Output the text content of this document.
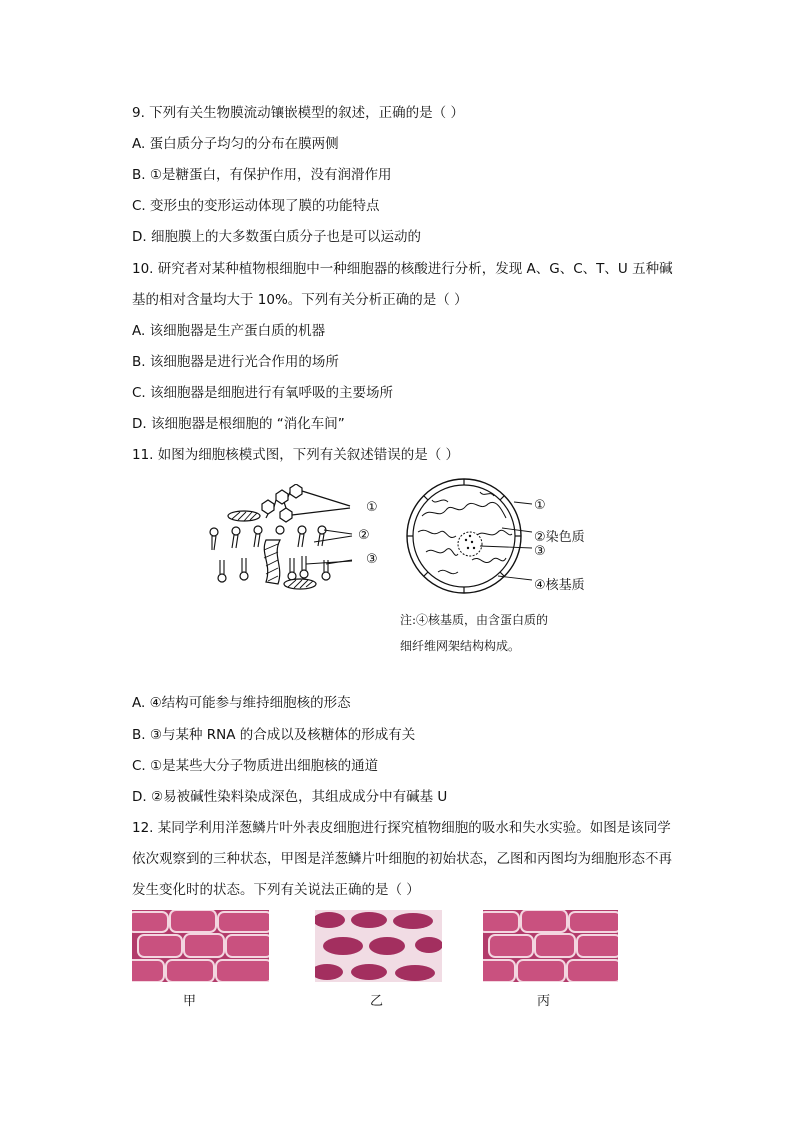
9. 下列有关生物膜流动镶嵌模型的叙述，正确的是（ ）
A. 蛋白质分子均匀的分布在膜两侧
B. ①是糖蛋白，有保护作用，没有润滑作用
C. 变形虫的变形运动体现了膜的功能特点
D. 细胞膜上的大多数蛋白质分子也是可以运动的
10. 研究者对某种植物根细胞中一种细胞器的核酸进行分析，发现 A、G、C、T、U 五种碱
基的相对含量均大于 10%。下列有关分析正确的是（ ）
A. 该细胞器是生产蛋白质的机器
B. 该细胞器是进行光合作用的场所
C. 该细胞器是细胞进行有氧呼吸的主要场所
D. 该细胞器是根细胞的 “消化车间”
11. 如图为细胞核模式图，下列有关叙述错误的是（ ）
①
②
③
①
②染色质
③
④核基质
注:④核基质，由含蛋白质的
细纤维网架结构构成。
A. ④结构可能参与维持细胞核的形态
B. ③与某种 RNA 的合成以及核糖体的形成有关
C. ①是某些大分子物质进出细胞核的通道
D. ②易被碱性染料染成深色，其组成成分中有碱基 U
12. 某同学利用洋葱鳞片叶外表皮细胞进行探究植物细胞的吸水和失水实验。如图是该同学
依次观察到的三种状态，甲图是洋葱鳞片叶细胞的初始状态，乙图和丙图均为细胞形态不再
发生变化时的状态。下列有关说法正确的是（ ）
甲	乙	丙
